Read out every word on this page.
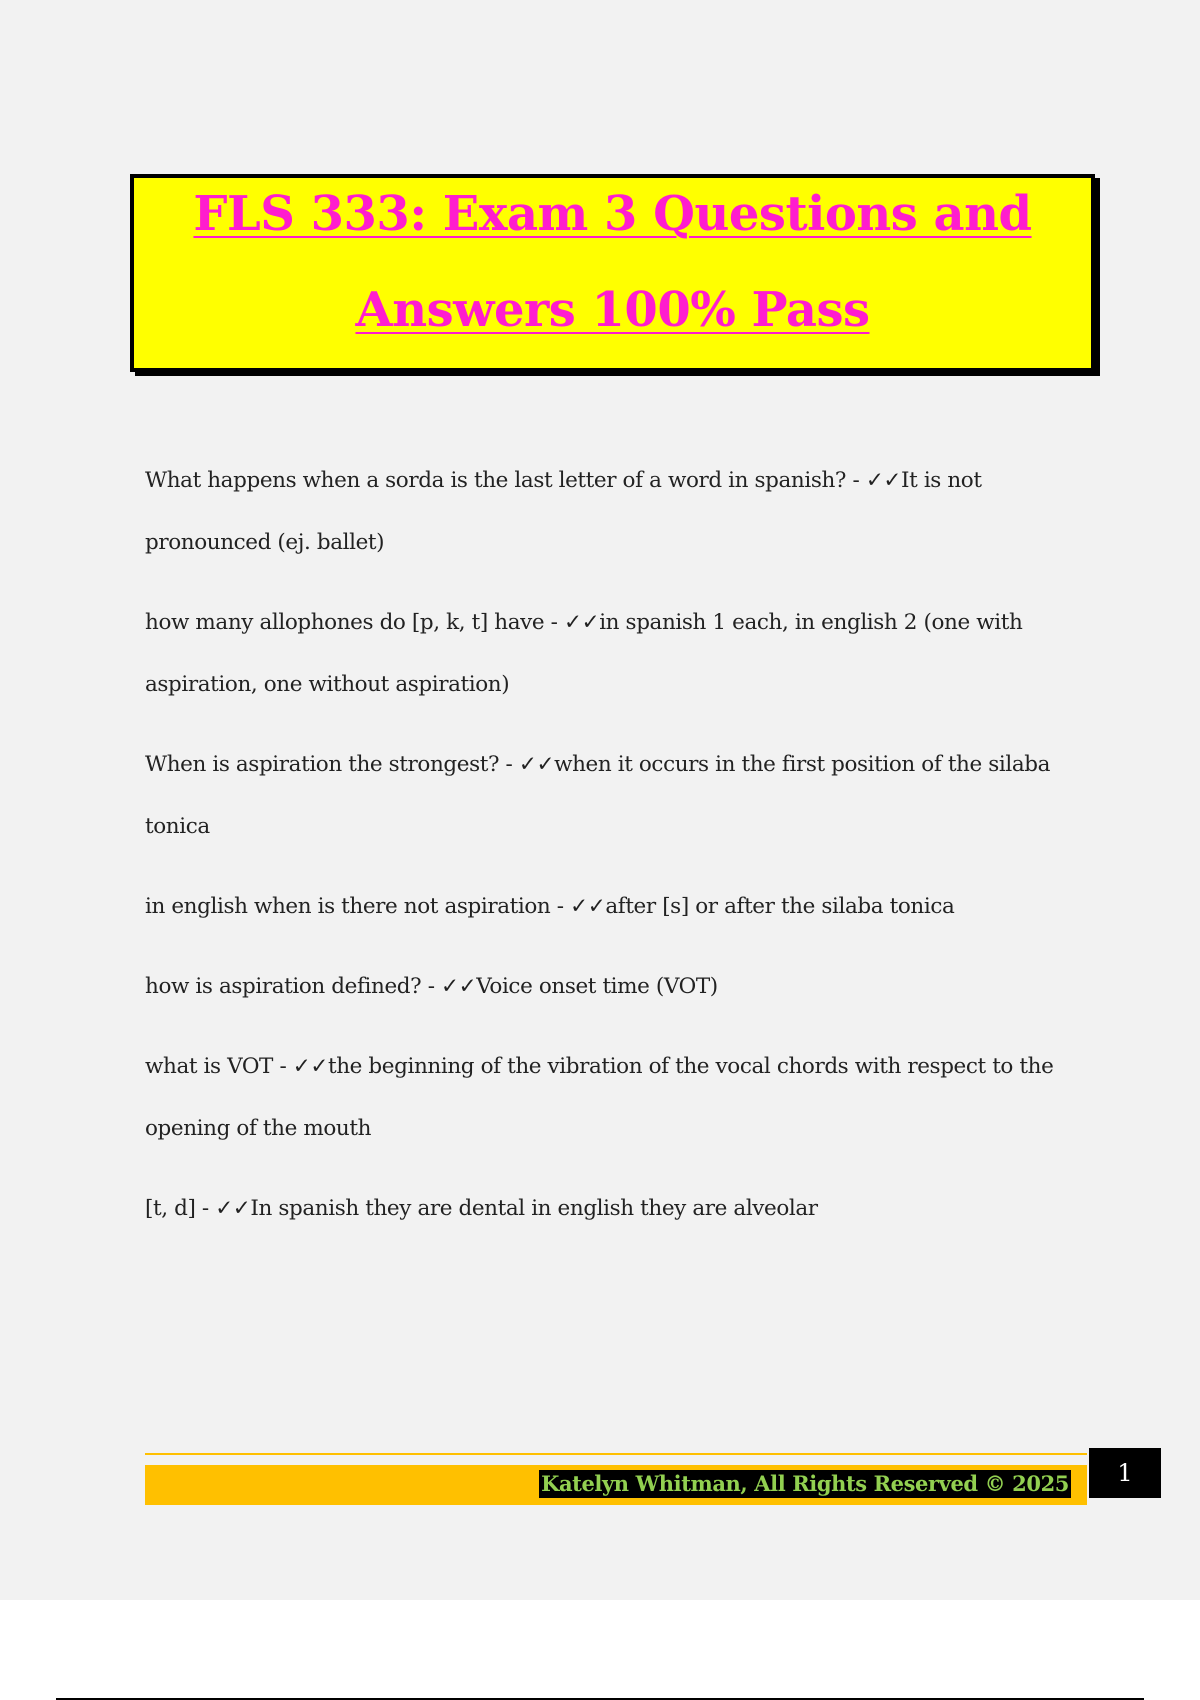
FLS 333: Exam 3 Questions and
Answers 100% Pass
What happens when a sorda is the last letter of a word in spanish? - ✓✓It is not
pronounced (ej. ballet)
how many allophones do [p, k, t] have - ✓✓in spanish 1 each, in english 2 (one with
aspiration, one without aspiration)
When is aspiration the strongest? - ✓✓when it occurs in the first position of the silaba
tonica
in english when is there not aspiration - ✓✓after [s] or after the silaba tonica
how is aspiration defined? - ✓✓Voice onset time (VOT)
what is VOT - ✓✓the beginning of the vibration of the vocal chords with respect to the
opening of the mouth
[t, d] - ✓✓In spanish they are dental in english they are alveolar
Katelyn Whitman, All Rights Reserved © 2025	1
